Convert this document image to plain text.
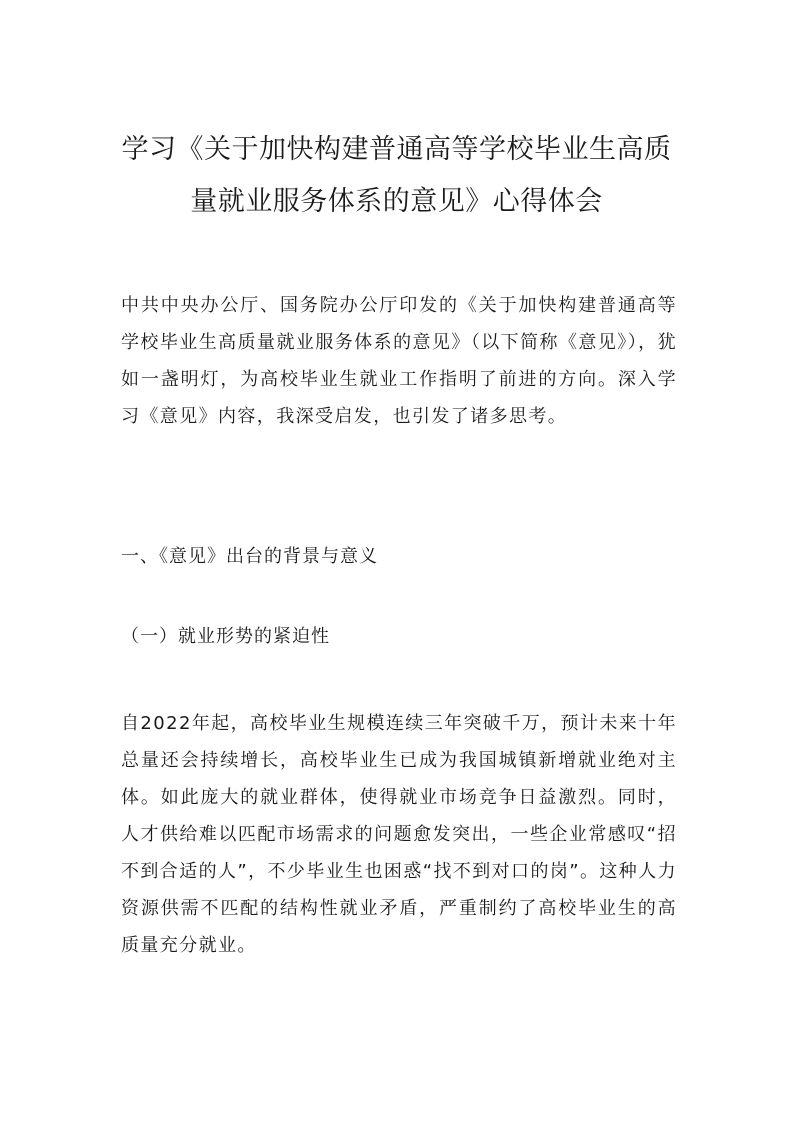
学习《关于加快构建普通高等学校毕业生高质量就业服务体系的意见》心得体会

中共中央办公厅、国务院办公厅印发的《关于加快构建普通高等学校毕业生高质量就业服务体系的意见》（以下简称《意见》），犹如一盏明灯，为高校毕业生就业工作指明了前进的方向。深入学习《意见》内容，我深受启发，也引发了诸多思考。

一、《意见》出台的背景与意义

（一）就业形势的紧迫性

自2022年起，高校毕业生规模连续三年突破千万，预计未来十年总量还会持续增长，高校毕业生已成为我国城镇新增就业绝对主体。如此庞大的就业群体，使得就业市场竞争日益激烈。同时，人才供给难以匹配市场需求的问题愈发突出，一些企业常感叹“招不到合适的人”，不少毕业生也困惑“找不到对口的岗”。这种人力资源供需不匹配的结构性就业矛盾，严重制约了高校毕业生的高质量充分就业。
